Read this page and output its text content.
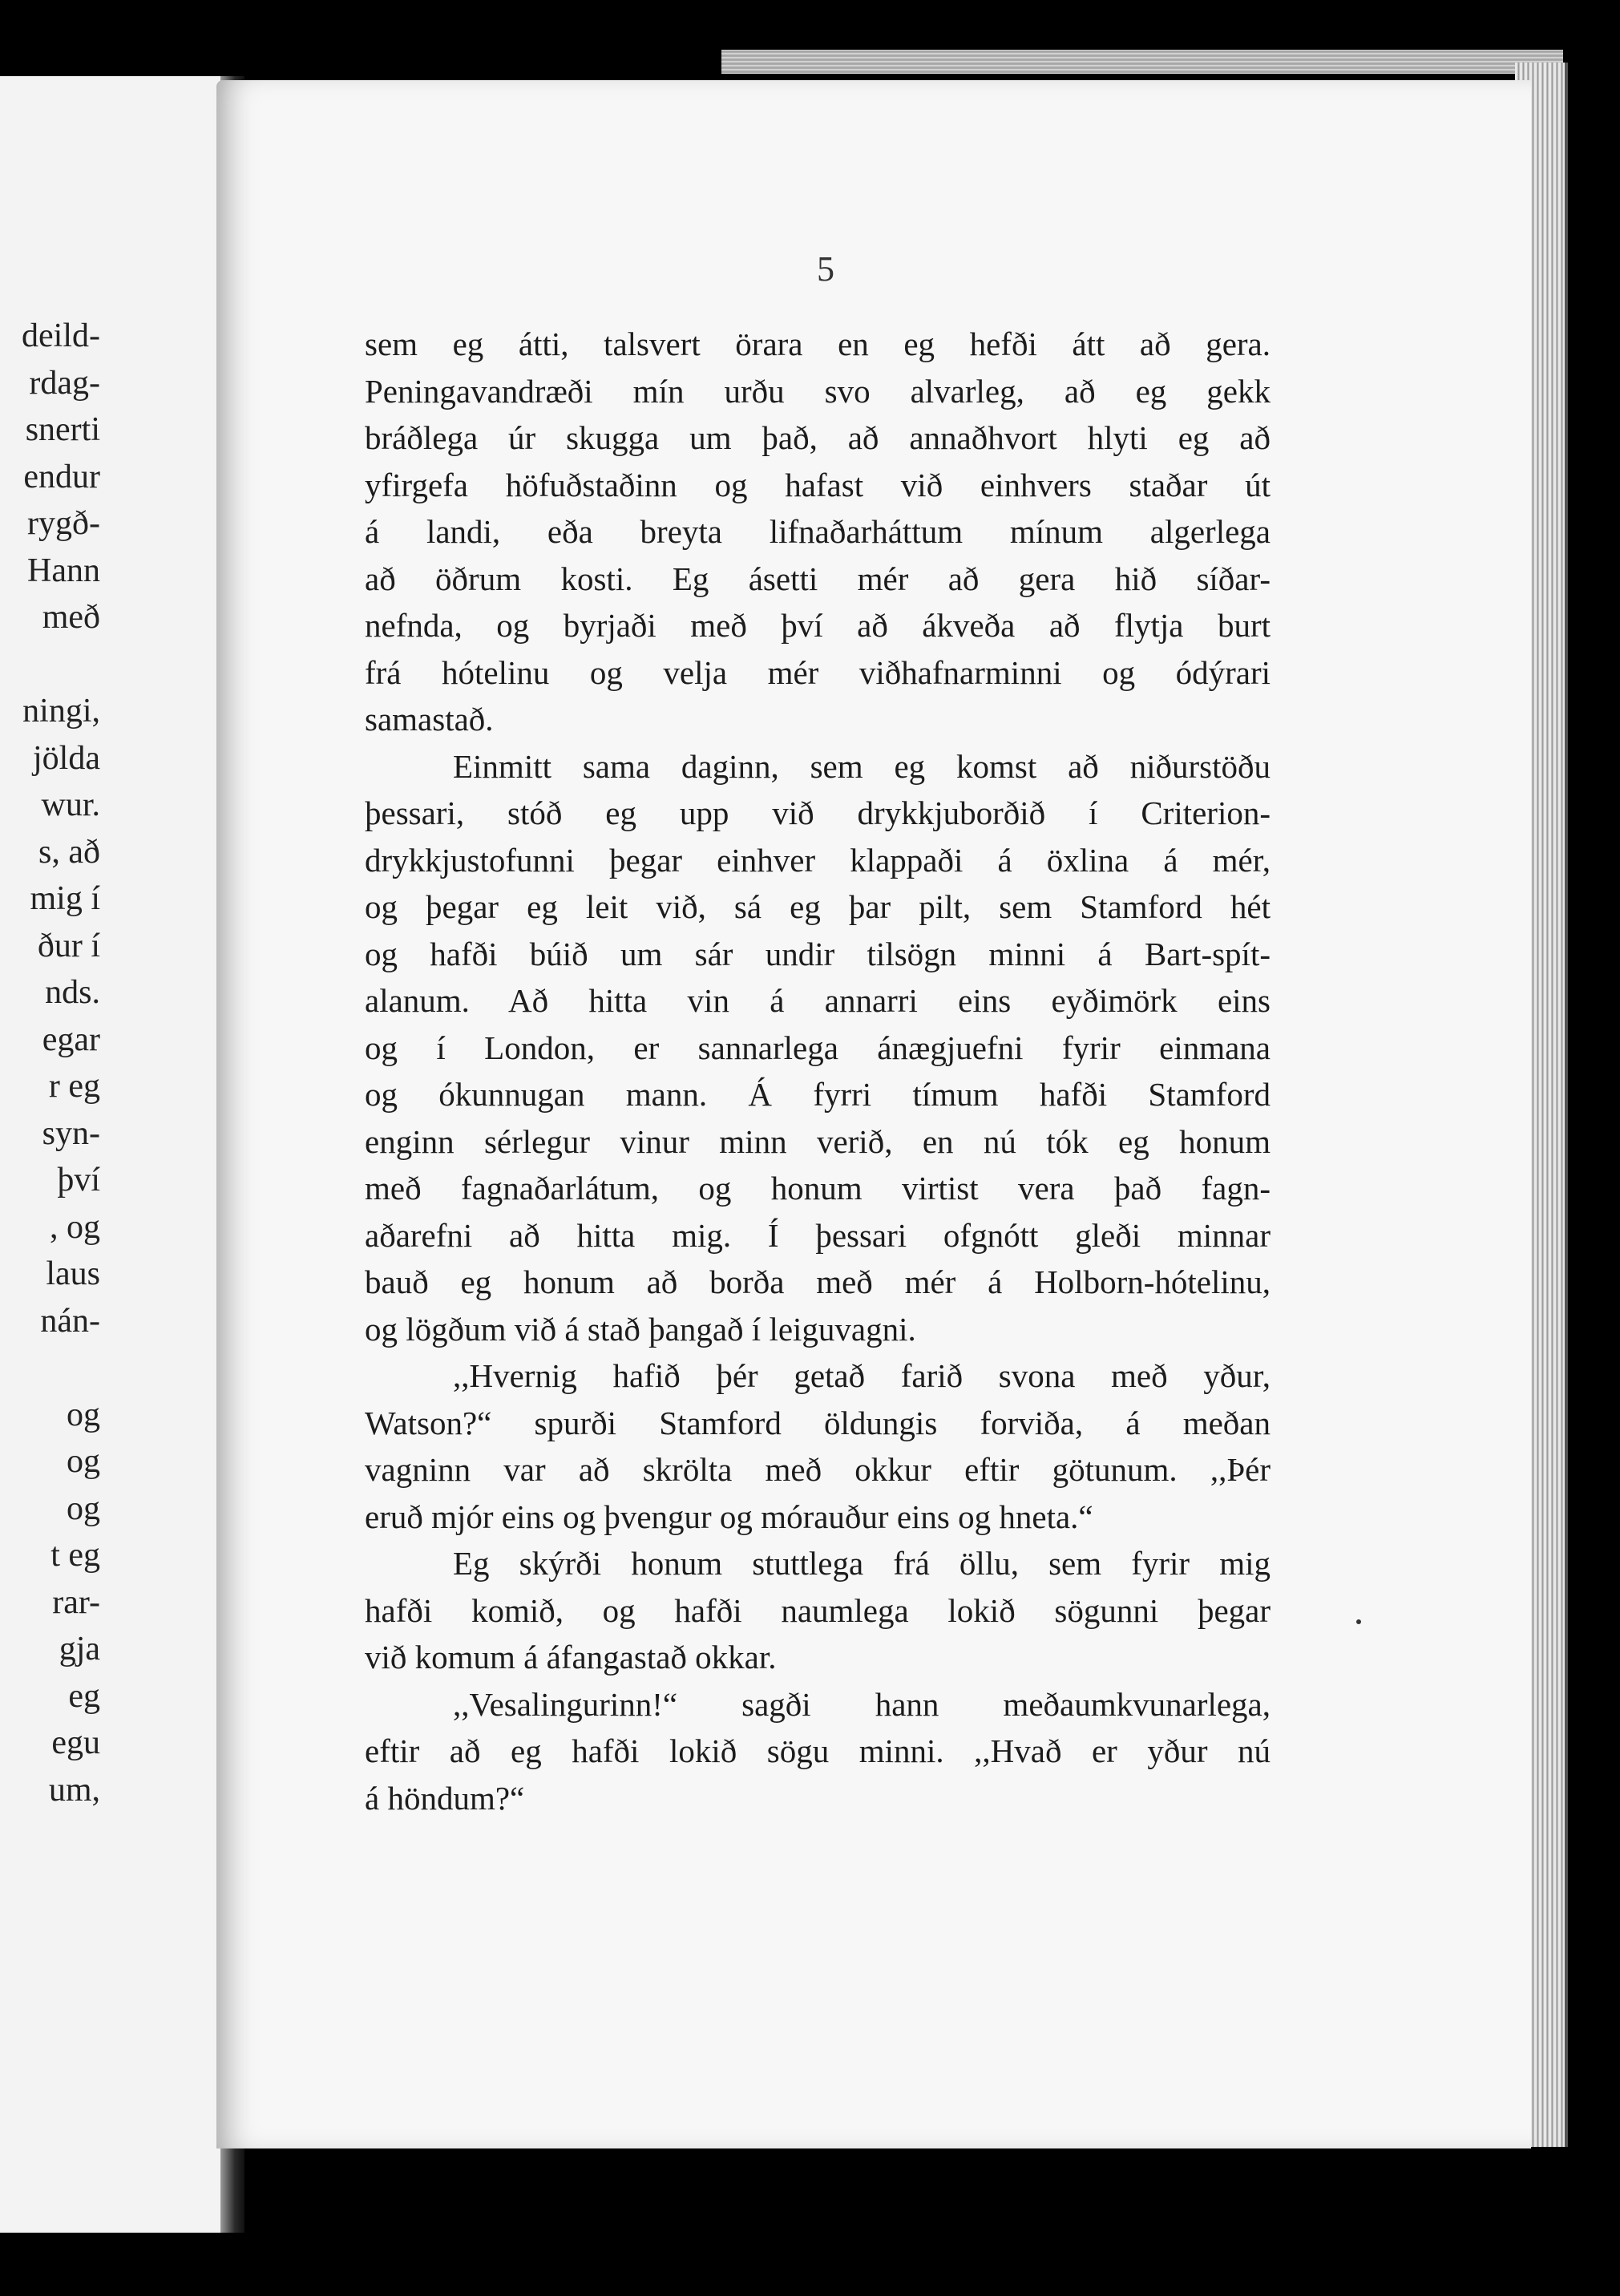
deild-
rdag-
snerti
endur
rygð-
Hann
með
ningi,
jölda
wur.
s, að
mig í
ður í
nds.
egar
r eg
syn-
því
, og
laus
nán-
og
og
og
t eg
rar-
gja
eg
egu
um,
5
sem eg átti, talsvert örara en eg hefði átt að gera.
Peningavandræði mín urðu svo alvarleg, að eg gekk
bráðlega úr skugga um það, að annaðhvort hlyti eg að
yfirgefa höfuðstaðinn og hafast við einhvers staðar út
á landi, eða breyta lifnaðarháttum mínum algerlega
að öðrum kosti. Eg ásetti mér að gera hið síðar-
nefnda, og byrjaði með því að ákveða að flytja burt
frá hótelinu og velja mér viðhafnarminni og ódýrari
samastað.
Einmitt sama daginn, sem eg komst að niðurstöðu
þessari, stóð eg upp við drykkjuborðið í Criterion-
drykkjustofunni þegar einhver klappaði á öxlina á mér,
og þegar eg leit við, sá eg þar pilt, sem Stamford hét
og hafði búið um sár undir tilsögn minni á Bart-spít-
alanum. Að hitta vin á annarri eins eyðimörk eins
og í London, er sannarlega ánægjuefni fyrir einmana
og ókunnugan mann. Á fyrri tímum hafði Stamford
enginn sérlegur vinur minn verið, en nú tók eg honum
með fagnaðarlátum, og honum virtist vera það fagn-
aðarefni að hitta mig. Í þessari ofgnótt gleði minnar
bauð eg honum að borða með mér á Holborn-hótelinu,
og lögðum við á stað þangað í leiguvagni.
,,Hvernig hafið þér getað farið svona með yður,
Watson?“ spurði Stamford öldungis forviða, á meðan
vagninn var að skrölta með okkur eftir götunum. ,,Þér
eruð mjór eins og þvengur og mórauður eins og hneta.“
Eg skýrði honum stuttlega frá öllu, sem fyrir mig
hafði komið, og hafði naumlega lokið sögunni þegar
við komum á áfangastað okkar.
,,Vesalingurinn!“ sagði hann meðaumkvunarlega,
eftir að eg hafði lokið sögu minni. ,,Hvað er yður nú
á höndum?“
